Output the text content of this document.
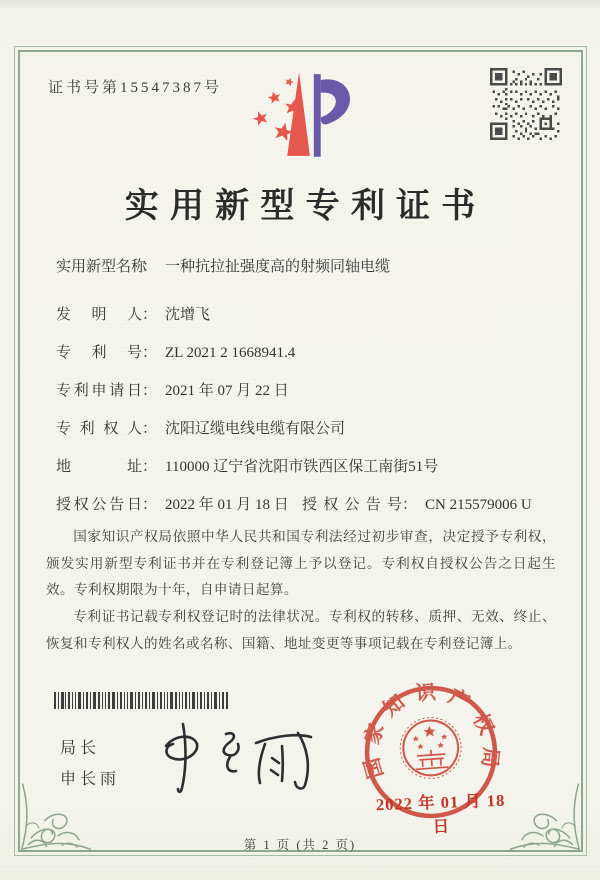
证书号第15547387号
实用新型专利证书
实用新型名称： 一种抗拉扯强度高的射频同轴电缆
发 明 人： 沈增飞
专 利 号： ZL 2021 2 1668941.4
专利申请日： 2021 年 07 月 22 日
专 利 权 人： 沈阳辽缆电线电缆有限公司
地 址： 110000 辽宁省沈阳市铁西区保工南街51号
授权公告日： 2022 年 01 月 18 日 授 权 公 告 号： CN 215579006 U

国家知识产权局依照中华人民共和国专利法经过初步审查，决定授予专利权，颁发实用新型专利证书并在专利登记簿上予以登记。专利权自授权公告之日起生效。专利权期限为十年，自申请日起算。

专利证书记载专利权登记时的法律状况。专利权的转移、质押、无效、终止、恢复和专利权人的姓名或名称、国籍、地址变更等事项记载在专利登记簿上。

局长
申长雨	国家知识产权局
2022 年 01 月 18 日
第 1 页 (共 2 页)
